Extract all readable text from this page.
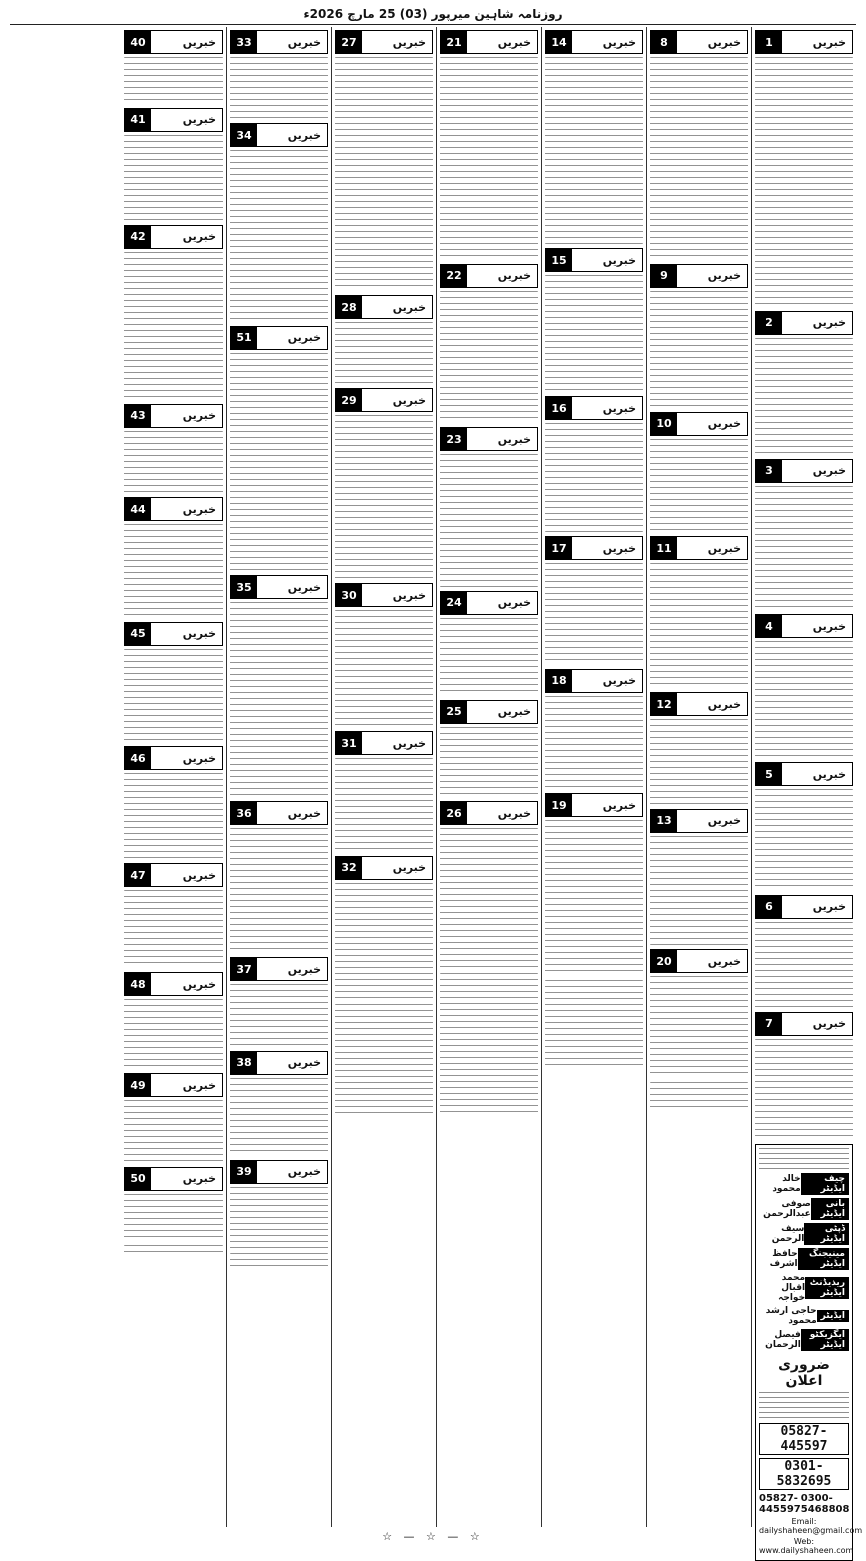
روزنامہ شاہین میرپور (03) 25 مارچ 2026ء
1	خبریں
2	خبریں
3	خبریں
4	خبریں
5	خبریں
6	خبریں
7	خبریں
چیف ایڈیٹر
خالد محمود
بانی ایڈیٹر
صوفی عبدالرحمن
ڈپٹی ایڈیٹر
سیف الرحمن
مینیجنگ ایڈیٹر
حافظ اشرف
ریذیڈنٹ ایڈیٹر
محمد اقبال خواجہ
ایڈیٹر
حاجی ارشد محمود
ایگزیکٹو ایڈیٹر
فیصل الرحمان
ضروری اعلان
05827-445597
0301-5832695
05827-445597
0300-5468808
Email: dailyshaheen@gmail.com
Web: www.dailyshaheen.com
8	خبریں
9	خبریں
10	خبریں
11	خبریں
12	خبریں
13	خبریں
20	خبریں
14	خبریں
15	خبریں
16	خبریں
17	خبریں
18	خبریں
19	خبریں
21	خبریں
22	خبریں
23	خبریں
24	خبریں
25	خبریں
26	خبریں
27	خبریں
28	خبریں
29	خبریں
30	خبریں
31	خبریں
32	خبریں
33	خبریں
34	خبریں
51	خبریں
35	خبریں
36	خبریں
37	خبریں
38	خبریں
39	خبریں
40	خبریں
41	خبریں
42	خبریں
43	خبریں
44	خبریں
45	خبریں
46	خبریں
47	خبریں
48	خبریں
49	خبریں
50	خبریں
☆ — ☆ — ☆
